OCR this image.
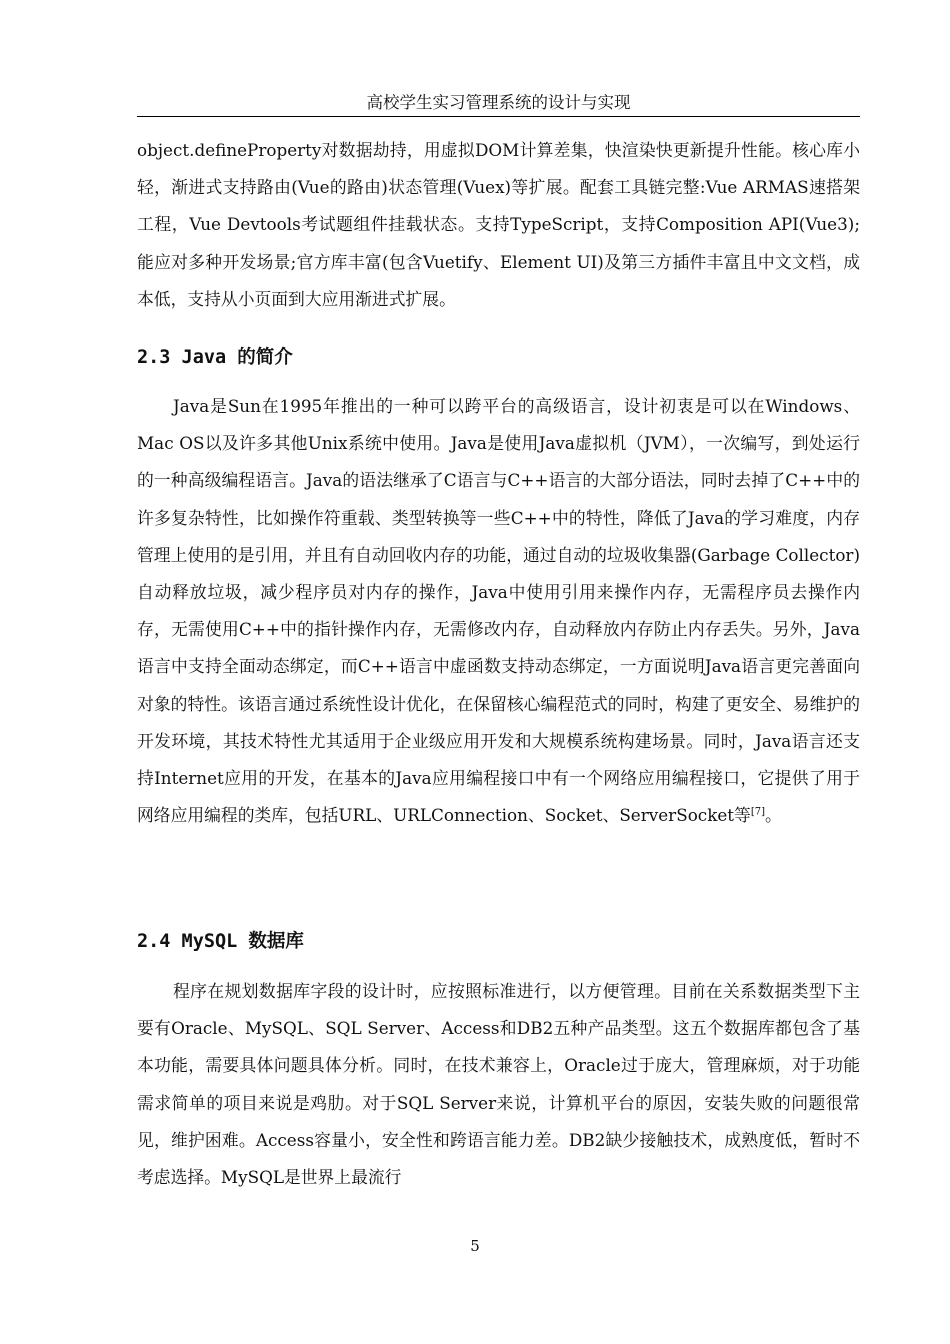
高校学生实习管理系统的设计与实现

object.defineProperty对数据劫持，用虚拟DOM计算差集，快渲染快更新提升性能。核心库小轻，渐进式支持路由(Vue的路由)状态管理(Vuex)等扩展。配套工具链完整:Vue ARMAS速搭架工程，Vue Devtools考试题组件挂载状态。支持TypeScript，支持Composition API(Vue3);能应对多种开发场景;官方库丰富(包含Vuetify、Element UI)及第三方插件丰富且中文文档，成本低，支持从小页面到大应用渐进式扩展。

2.3 Java 的简介

Java是Sun在1995年推出的一种可以跨平台的高级语言，设计初衷是可以在Windows、Mac OS以及许多其他Unix系统中使用。Java是使用Java虚拟机（JVM），一次编写，到处运行的一种高级编程语言。Java的语法继承了C语言与C++语言的大部分语法，同时去掉了C++中的许多复杂特性，比如操作符重载、类型转换等一些C++中的特性，降低了Java的学习难度，内存管理上使用的是引用，并且有自动回收内存的功能，通过自动的垃圾收集器(Garbage Collector)自动释放垃圾，减少程序员对内存的操作，Java中使用引用来操作内存，无需程序员去操作内存，无需使用C++中的指针操作内存，无需修改内存，自动释放内存防止内存丢失。另外，Java语言中支持全面动态绑定，而C++语言中虚函数支持动态绑定，一方面说明Java语言更完善面向对象的特性。该语言通过系统性设计优化，在保留核心编程范式的同时，构建了更安全、易维护的开发环境，其技术特性尤其适用于企业级应用开发和大规模系统构建场景。同时，Java语言还支持Internet应用的开发，在基本的Java应用编程接口中有一个网络应用编程接口，它提供了用于网络应用编程的类库，包括URL、URLConnection、Socket、ServerSocket等[7]。

2.4 MySQL 数据库

程序在规划数据库字段的设计时，应按照标准进行，以方便管理。目前在关系数据类型下主要有Oracle、MySQL、SQL Server、Access和DB2五种产品类型。这五个数据库都包含了基本功能，需要具体问题具体分析。同时，在技术兼容上，Oracle过于庞大，管理麻烦，对于功能需求简单的项目来说是鸡肋。对于SQL Server来说，计算机平台的原因，安装失败的问题很常见，维护困难。Access容量小，安全性和跨语言能力差。DB2缺少接触技术，成熟度低，暂时不考虑选择。MySQL是世界上最流行

5
